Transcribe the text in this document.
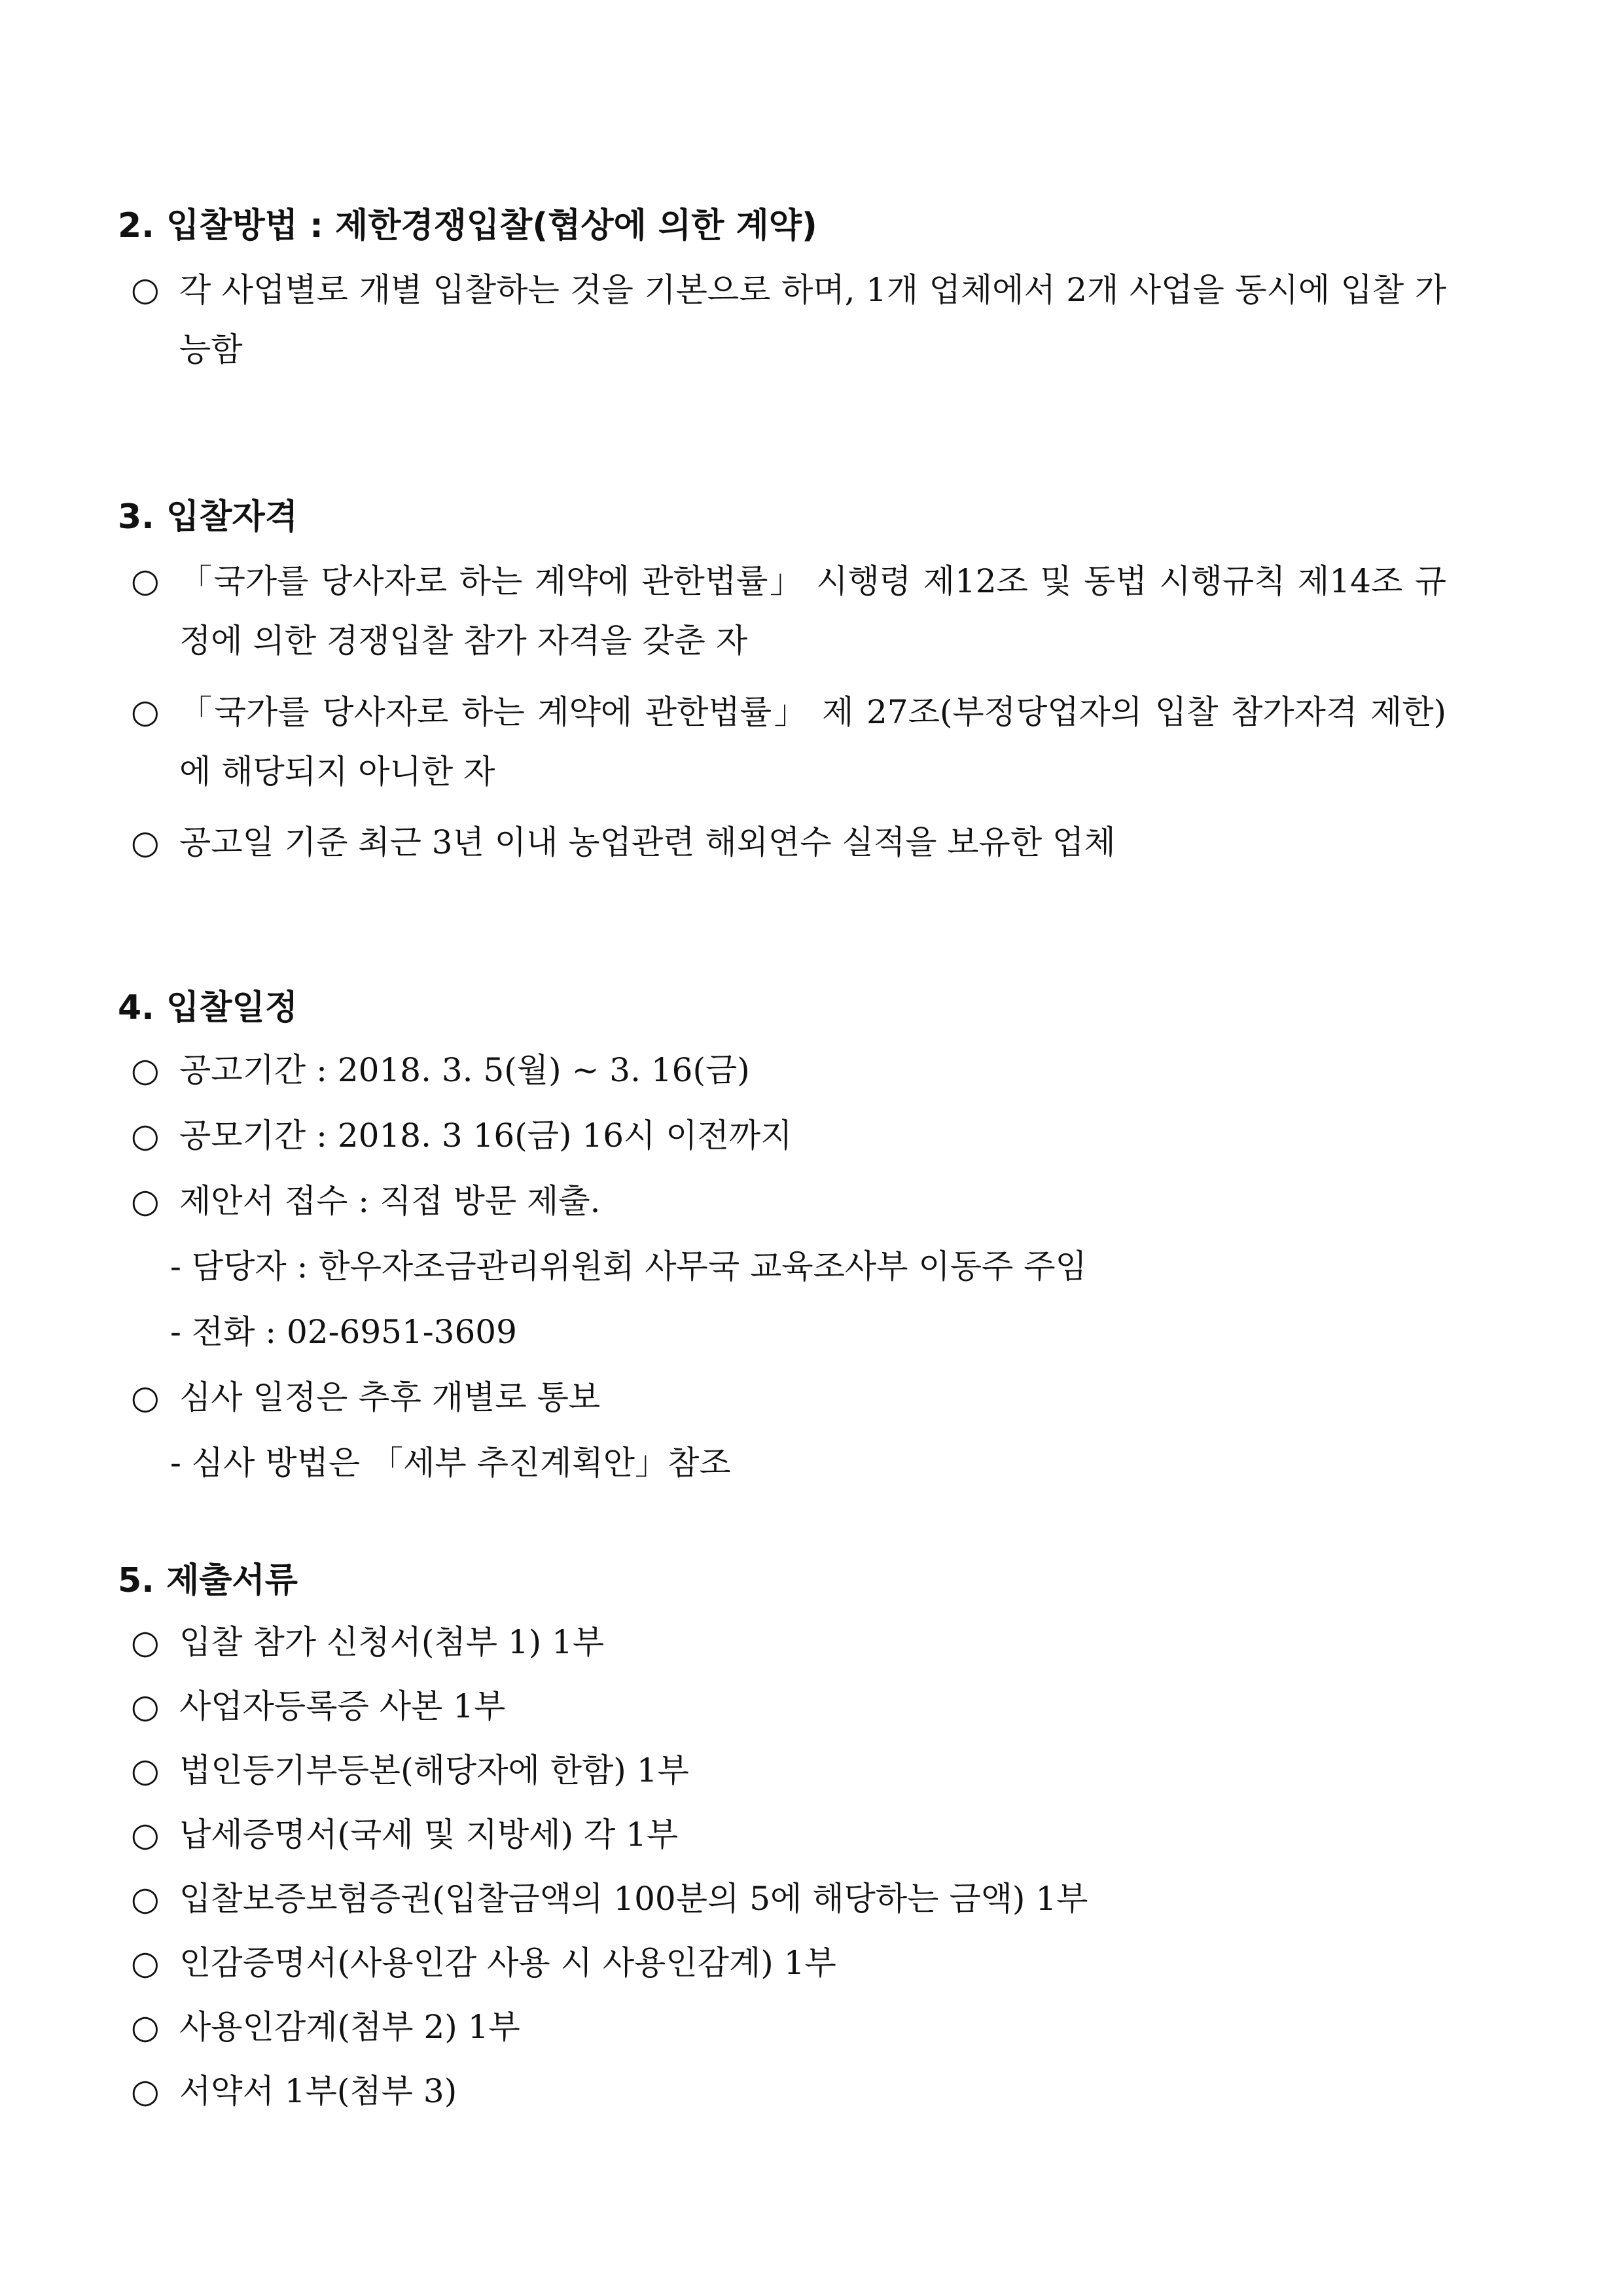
2. 입찰방법 : 제한경쟁입찰(협상에 의한 계약)

○ 각 사업별로 개별 입찰하는 것을 기본으로 하며, 1개 업체에서 2개 사업을 동시에 입찰 가능함

3. 입찰자격

○ 「국가를 당사자로 하는 계약에 관한법률」 시행령 제12조 및 동법 시행규칙 제14조 규정에 의한 경쟁입찰 참가 자격을 갖춘 자

○ 「국가를 당사자로 하는 계약에 관한법률」 제 27조(부정당업자의 입찰 참가자격 제한)에 해당되지 아니한 자

○ 공고일 기준 최근 3년 이내 농업관련 해외연수 실적을 보유한 업체

4. 입찰일정

○ 공고기간 : 2018. 3. 5(월) ~ 3. 16(금)

○ 공모기간 : 2018. 3 16(금) 16시 이전까지

○ 제안서 접수 : 직접 방문 제출.

- 담당자 : 한우자조금관리위원회 사무국 교육조사부 이동주 주임

- 전화 : 02-6951-3609

○ 심사 일정은 추후 개별로 통보

- 심사 방법은 「세부 추진계획안」참조

5. 제출서류

○ 입찰 참가 신청서(첨부 1) 1부

○ 사업자등록증 사본 1부

○ 법인등기부등본(해당자에 한함) 1부

○ 납세증명서(국세 및 지방세) 각 1부

○ 입찰보증보험증권(입찰금액의 100분의 5에 해당하는 금액) 1부

○ 인감증명서(사용인감 사용 시 사용인감계) 1부

○ 사용인감계(첨부 2) 1부

○ 서약서 1부(첨부 3)
